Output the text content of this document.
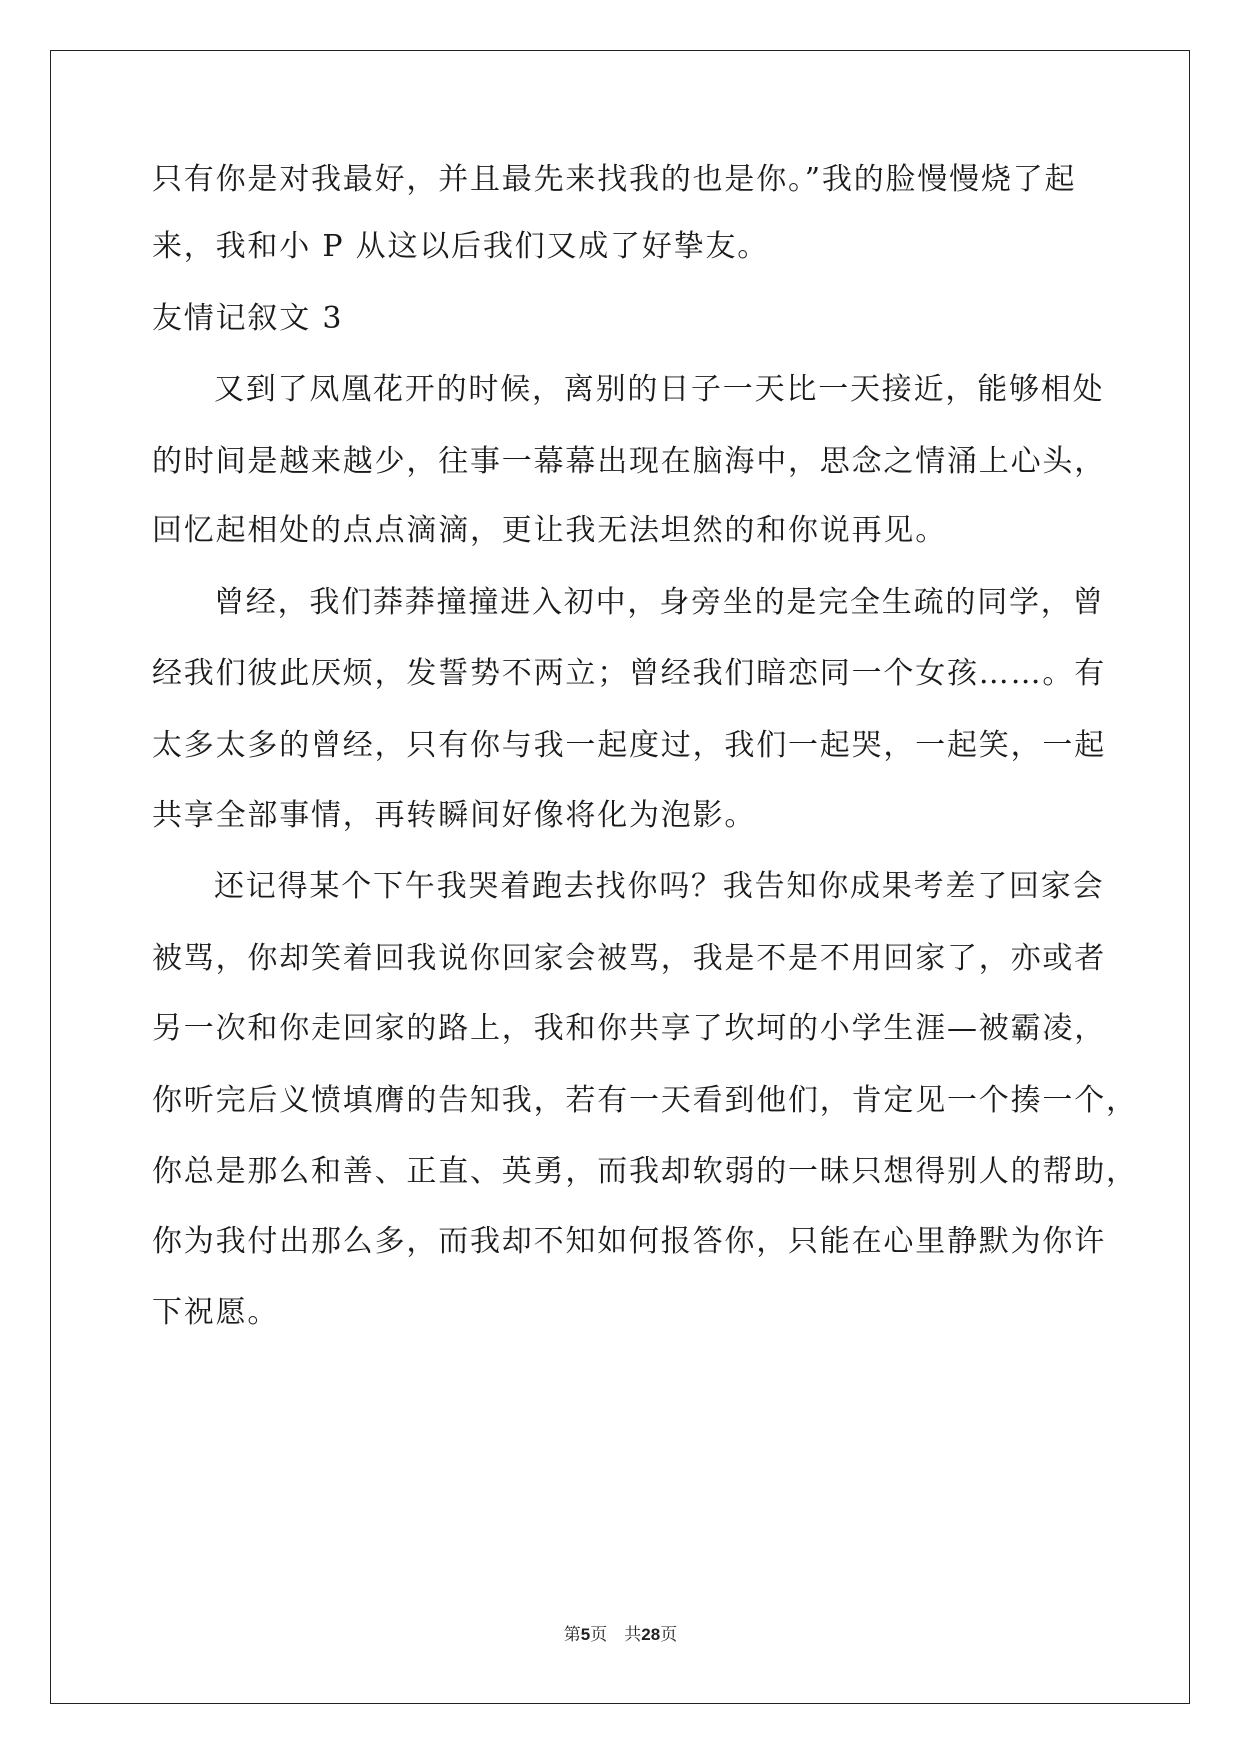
只有你是对我最好，并且最先来找我的也是你。”我的脸慢慢烧了起
来，我和小 P 从这以后我们又成了好挚友。
友情记叙文 3
又到了凤凰花开的时候，离别的日子一天比一天接近，能够相处
的时间是越来越少，往事一幕幕出现在脑海中，思念之情涌上心头，
回忆起相处的点点滴滴，更让我无法坦然的和你说再见。
曾经，我们莽莽撞撞进入初中，身旁坐的是完全生疏的同学，曾
经我们彼此厌烦，发誓势不两立；曾经我们暗恋同一个女孩……。有
太多太多的曾经，只有你与我一起度过，我们一起哭，一起笑，一起
共享全部事情，再转瞬间好像将化为泡影。
还记得某个下午我哭着跑去找你吗？我告知你成果考差了回家会
被骂，你却笑着回我说你回家会被骂，我是不是不用回家了，亦或者
另一次和你走回家的路上，我和你共享了坎坷的小学生涯—被霸凌，
你听完后义愤填膺的告知我，若有一天看到他们，肯定见一个揍一个，
你总是那么和善、正直、英勇，而我却软弱的一昧只想得别人的帮助，
你为我付出那么多，而我却不知如何报答你，只能在心里静默为你许
下祝愿。
第5页　共28页
